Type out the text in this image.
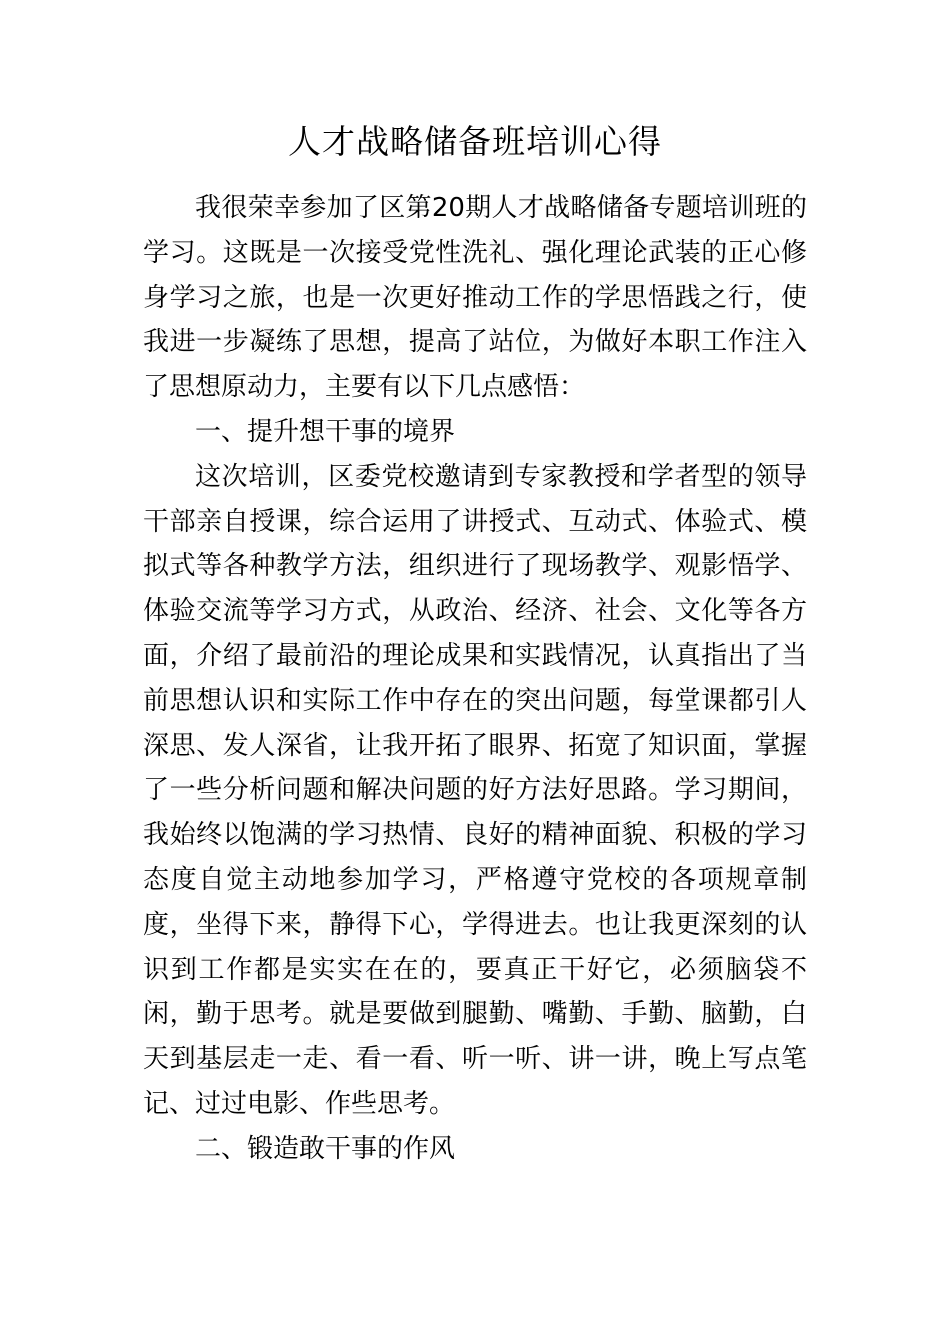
人才战略储备班培训心得

我很荣幸参加了区第20期人才战略储备专题培训班的学习。这既是一次接受党性洗礼、强化理论武装的正心修身学习之旅，也是一次更好推动工作的学思悟践之行，使我进一步凝练了思想，提高了站位，为做好本职工作注入了思想原动力，主要有以下几点感悟：

一、提升想干事的境界

这次培训，区委党校邀请到专家教授和学者型的领导干部亲自授课，综合运用了讲授式、互动式、体验式、模拟式等各种教学方法，组织进行了现场教学、观影悟学、体验交流等学习方式，从政治、经济、社会、文化等各方面，介绍了最前沿的理论成果和实践情况，认真指出了当前思想认识和实际工作中存在的突出问题，每堂课都引人深思、发人深省，让我开拓了眼界、拓宽了知识面，掌握了一些分析问题和解决问题的好方法好思路。学习期间，我始终以饱满的学习热情、良好的精神面貌、积极的学习态度自觉主动地参加学习，严格遵守党校的各项规章制度，坐得下来，静得下心，学得进去。也让我更深刻的认识到工作都是实实在在的，要真正干好它，必须脑袋不闲，勤于思考。就是要做到腿勤、嘴勤、手勤、脑勤，白天到基层走一走、看一看、听一听、讲一讲，晚上写点笔记、过过电影、作些思考。

二、锻造敢干事的作风
